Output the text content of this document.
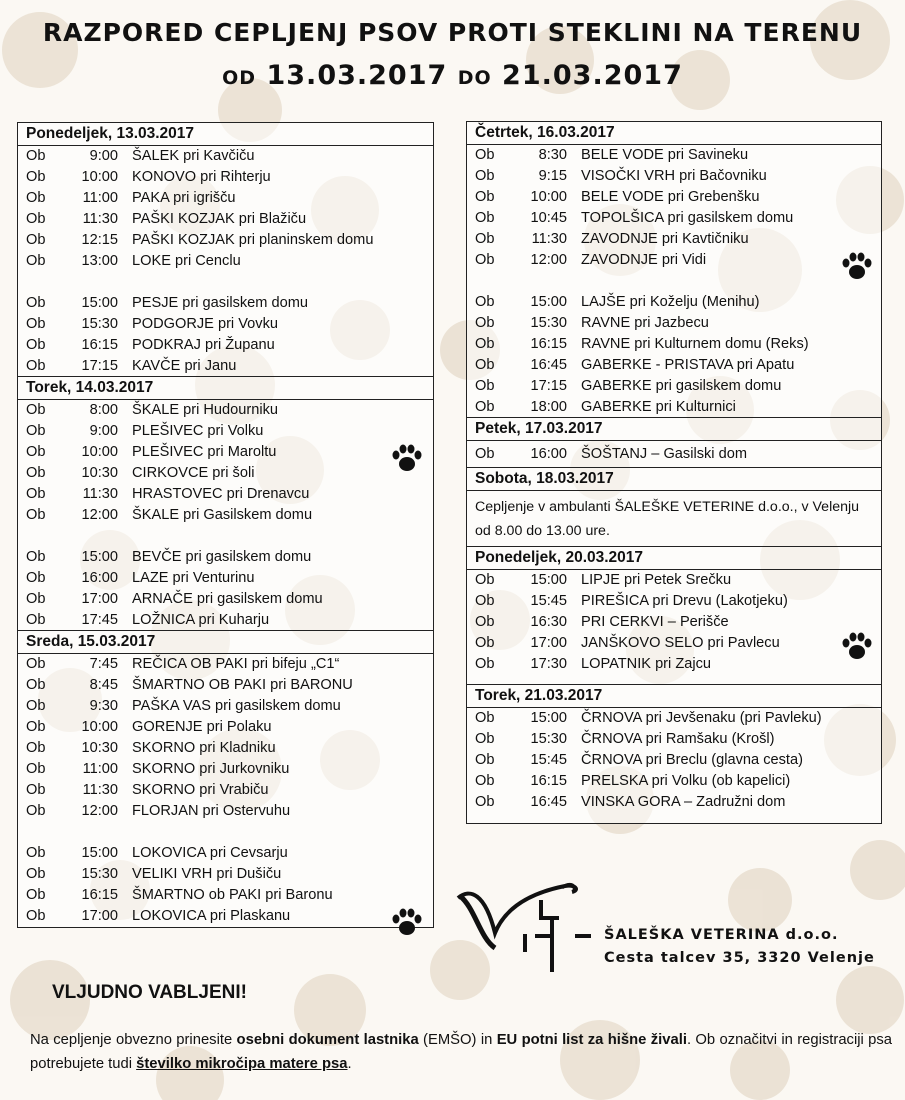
RAZPORED CEPLJENJ PSOV PROTI STEKLINI NA TERENU
OD 13.03.2017 DO 21.03.2017
Ponedeljek, 13.03.2017
Ob	9:00 ŠALEK pri Kavčiču
Ob	10:00 KONOVO pri Rihterju
Ob	11:00 PAKA pri igrišču
Ob	11:30 PAŠKI KOZJAK pri Blažiču
Ob	12:15 PAŠKI KOZJAK pri planinskem domu
Ob	13:00 LOKE pri Cenclu
Ob	15:00 PESJE pri gasilskem domu
Ob	15:30 PODGORJE pri Vovku
Ob	16:15 PODKRAJ pri Županu
Ob	17:15 KAVČE pri Janu
Torek, 14.03.2017
Ob	8:00 ŠKALE pri Hudourniku
Ob	9:00 PLEŠIVEC pri Volku
Ob	10:00 PLEŠIVEC pri Maroltu
Ob	10:30 CIRKOVCE pri šoli
Ob	11:30 HRASTOVEC pri Drenavcu
Ob	12:00 ŠKALE pri Gasilskem domu
Ob	15:00 BEVČE pri gasilskem domu
Ob	16:00 LAZE pri Venturinu
Ob	17:00 ARNAČE pri gasilskem domu
Ob	17:45 LOŽNICA pri Kuharju
Sreda, 15.03.2017
Ob	7:45 REČICA OB PAKI pri bifeju „C1“
Ob	8:45 ŠMARTNO OB PAKI pri BARONU
Ob	9:30 PAŠKA VAS pri gasilskem domu
Ob	10:00 GORENJE pri Polaku
Ob	10:30 SKORNO pri Kladniku
Ob	11:00 SKORNO pri Jurkovniku
Ob	11:30 SKORNO pri Vrabiču
Ob	12:00 FLORJAN pri Ostervuhu
Ob	15:00 LOKOVICA pri Cevsarju
Ob	15:30 VELIKI VRH pri Dušiču
Ob	16:15 ŠMARTNO ob PAKI pri Baronu
Ob	17:00 LOKOVICA pri Plaskanu
Četrtek, 16.03.2017
Ob	8:30 BELE VODE pri Savineku
Ob	9:15 VISOČKI VRH pri Bačovniku
Ob	10:00 BELE VODE pri Grebenšku
Ob	10:45 TOPOLŠICA pri gasilskem domu
Ob	11:30 ZAVODNJE pri Kavtičniku
Ob	12:00 ZAVODNJE pri Vidi
Ob	15:00 LAJŠE pri Koželju (Menihu)
Ob	15:30 RAVNE pri Jazbecu
Ob	16:15 RAVNE pri Kulturnem domu (Reks)
Ob	16:45 GABERKE - PRISTAVA pri Apatu
Ob	17:15 GABERKE pri gasilskem domu
Ob	18:00 GABERKE pri Kulturnici
Petek, 17.03.2017
Ob	16:00 ŠOŠTANJ – Gasilski dom
Sobota, 18.03.2017
Cepljenje v ambulanti ŠALEŠKE VETERINE d.o.o., v Velenju od 8.00 do 13.00 ure.
Ponedeljek, 20.03.2017
Ob	15:00 LIPJE pri Petek Srečku
Ob	15:45 PIREŠICA pri Drevu (Lakotjeku)
Ob	16:30 PRI CERKVI – Perišče
Ob	17:00 JANŠKOVO SELO pri Pavlecu
Ob	17:30 LOPATNIK pri Zajcu
Torek, 21.03.2017
Ob	15:00 ČRNOVA pri Jevšenaku (pri Pavleku)
Ob	15:30 ČRNOVA pri Ramšaku (Krošl)
Ob	15:45 ČRNOVA pri Breclu (glavna cesta)
Ob	16:15 PRELSKA pri Volku (ob kapelici)
Ob	16:45 VINSKA GORA – Zadružni dom
ŠALEŠKA VETERINA d.o.o.
Cesta talcev 35, 3320 Velenje
VLJUDNO VABLJENI!
Na cepljenje obvezno prinesite osebni dokument lastnika (EMŠO) in EU potni list za hišne živali. Ob označitvi in registraciji psa potrebujete tudi številko mikročipa matere psa.
